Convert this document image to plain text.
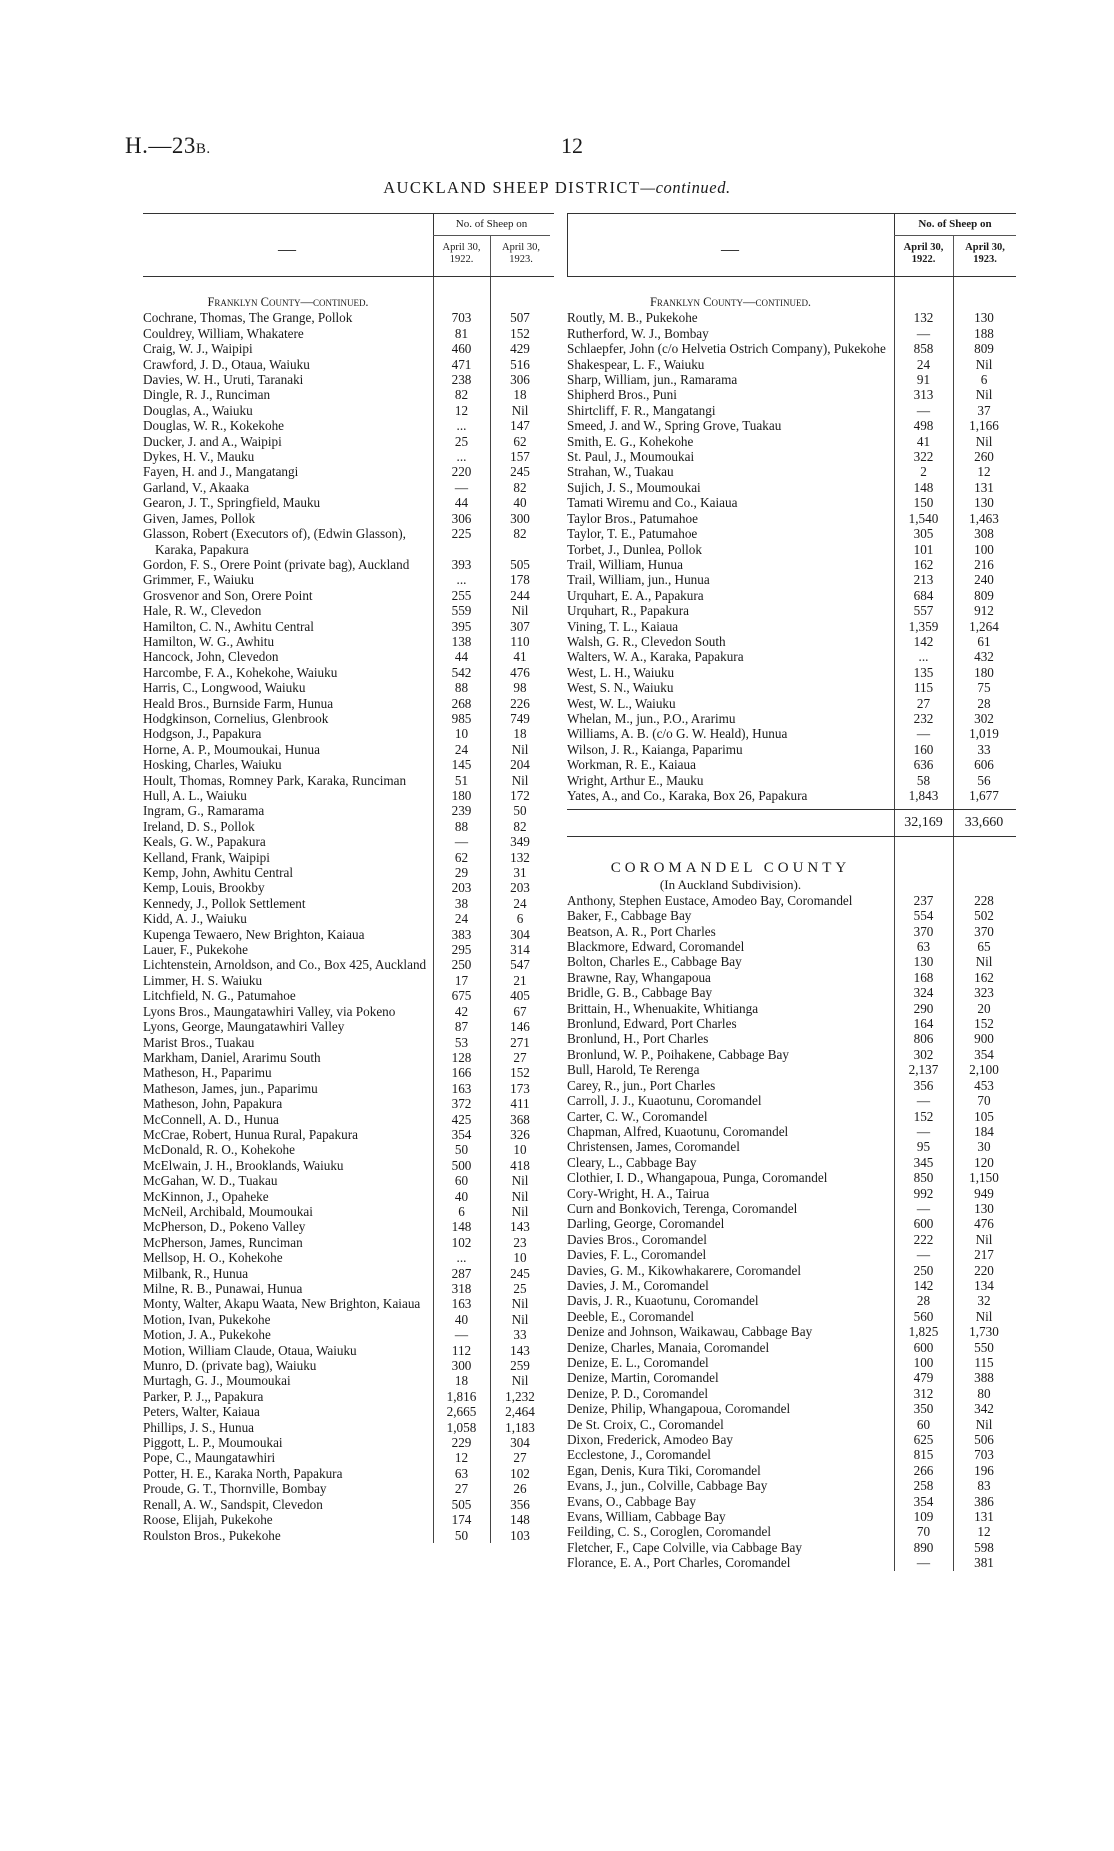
H.—23B.	12
AUCKLAND SHEEP DISTRICT—continued.
—
No. of Sheep on
April 30, 1922.
April 30, 1923.
Franklyn County—continued.
Cochrane, Thomas, The Grange, Pollok	703	507
Couldrey, William, Whakatere	81	152
Craig, W. J., Waipipi	460	429
Crawford, J. D., Otaua, Waiuku	471	516
Davies, W. H., Uruti, Taranaki	238	306
Dingle, R. J., Runciman	82	18
Douglas, A., Waiuku	12	Nil
Douglas, W. R., Kokekohe	...	147
Ducker, J. and A., Waipipi	25	62
Dykes, H. V., Mauku	...	157
Fayen, H. and J., Mangatangi	220	245
Garland, V., Akaaka	—	82
Gearon, J. T., Springfield, Mauku	44	40
Given, James, Pollok	306	300
Glasson, Robert (Executors of), (Edwin Glasson), Karaka, Papakura
225	82
Gordon, F. S., Orere Point (private bag), Auckland	393	505
Grimmer, F., Waiuku	...	178
Grosvenor and Son, Orere Point	255	244
Hale, R. W., Clevedon	559	Nil
Hamilton, C. N., Awhitu Central	395	307
Hamilton, W. G., Awhitu	138	110
Hancock, John, Clevedon	44	41
Harcombe, F. A., Kohekohe, Waiuku	542	476
Harris, C., Longwood, Waiuku	88	98
Heald Bros., Burnside Farm, Hunua	268	226
Hodgkinson, Cornelius, Glenbrook	985	749
Hodgson, J., Papakura	10	18
Horne, A. P., Moumoukai, Hunua	24	Nil
Hosking, Charles, Waiuku	145	204
Hoult, Thomas, Romney Park, Karaka, Runciman	51	Nil
Hull, A. L., Waiuku	180	172
Ingram, G., Ramarama	239	50
Ireland, D. S., Pollok	88	82
Keals, G. W., Papakura	—	349
Kelland, Frank, Waipipi	62	132
Kemp, John, Awhitu Central	29	31
Kemp, Louis, Brookby	203	203
Kennedy, J., Pollok Settlement	38	24
Kidd, A. J., Waiuku	24	6
Kupenga Tewaero, New Brighton, Kaiaua	383	304
Lauer, F., Pukekohe	295	314
Lichtenstein, Arnoldson, and Co., Box 425, Auckland	250	547
Limmer, H. S. Waiuku	17	21
Litchfield, N. G., Patumahoe	675	405
Lyons Bros., Maungatawhiri Valley, via Pokeno	42	67
Lyons, George, Maungatawhiri Valley	87	146
Marist Bros., Tuakau	53	271
Markham, Daniel, Ararimu South	128	27
Matheson, H., Paparimu	166	152
Matheson, James, jun., Paparimu	163	173
Matheson, John, Papakura	372	411
McConnell, A. D., Hunua	425	368
McCrae, Robert, Hunua Rural, Papakura	354	326
McDonald, R. O., Kohekohe	50	10
McElwain, J. H., Brooklands, Waiuku	500	418
McGahan, W. D., Tuakau	60	Nil
McKinnon, J., Opaheke	40	Nil
McNeil, Archibald, Moumoukai	6	Nil
McPherson, D., Pokeno Valley	148	143
McPherson, James, Runciman	102	23
Mellsop, H. O., Kohekohe	...	10
Milbank, R., Hunua	287	245
Milne, R. B., Punawai, Hunua	318	25
Monty, Walter, Akapu Waata, New Brighton, Kaiaua	163	Nil
Motion, Ivan, Pukekohe	40	Nil
Motion, J. A., Pukekohe	—	33
Motion, William Claude, Otaua, Waiuku	112	143
Munro, D. (private bag), Waiuku	300	259
Murtagh, G. J., Moumoukai	18	Nil
Parker, P. J.,, Papakura	1,816	1,232
Peters, Walter, Kaiaua	2,665	2,464
Phillips, J. S., Hunua	1,058	1,183
Piggott, L. P., Moumoukai	229	304
Pope, C., Maungatawhiri	12	27
Potter, H. E., Karaka North, Papakura	63	102
Proude, G. T., Thornville, Bombay	27	26
Renall, A. W., Sandspit, Clevedon	505	356
Roose, Elijah, Pukekohe	174	148
Roulston Bros., Pukekohe	50	103
—
No. of Sheep on
April 30, 1922.
April 30, 1923.
Franklyn County—continued.
Routly, M. B., Pukekohe	132	130
Rutherford, W. J., Bombay	—	188
Schlaepfer, John (c/o Helvetia Ostrich Company), Pukekohe	858	809
Shakespear, L. F., Waiuku	24	Nil
Sharp, William, jun., Ramarama	91	6
Shipherd Bros., Puni	313	Nil
Shirtcliff, F. R., Mangatangi	—	37
Smeed, J. and W., Spring Grove, Tuakau	498	1,166
Smith, E. G., Kohekohe	41	Nil
St. Paul, J., Moumoukai	322	260
Strahan, W., Tuakau	2	12
Sujich, J. S., Moumoukai	148	131
Tamati Wiremu and Co., Kaiaua	150	130
Taylor Bros., Patumahoe	1,540	1,463
Taylor, T. E., Patumahoe	305	308
Torbet, J., Dunlea, Pollok	101	100
Trail, William, Hunua	162	216
Trail, William, jun., Hunua	213	240
Urquhart, E. A., Papakura	684	809
Urquhart, R., Papakura	557	912
Vining, T. L., Kaiaua	1,359	1,264
Walsh, G. R., Clevedon South	142	61
Walters, W. A., Karaka, Papakura	...	432
West, L. H., Waiuku	135	180
West, S. N., Waiuku	115	75
West, W. L., Waiuku	27	28
Whelan, M., jun., P.O., Ararimu	232	302
Williams, A. B. (c/o G. W. Heald), Hunua	—	1,019
Wilson, J. R., Kaianga, Paparimu	160	33
Workman, R. E., Kaiaua	636	606
Wright, Arthur E., Mauku	58	56
Yates, A., and Co., Karaka, Box 26, Papakura	1,843	1,677
32,169	33,660
COROMANDEL COUNTY
(In Auckland Subdivision).
Anthony, Stephen Eustace, Amodeo Bay, Coromandel	237	228
Baker, F., Cabbage Bay	554	502
Beatson, A. R., Port Charles	370	370
Blackmore, Edward, Coromandel	63	65
Bolton, Charles E., Cabbage Bay	130	Nil
Brawne, Ray, Whangapoua	168	162
Bridle, G. B., Cabbage Bay	324	323
Brittain, H., Whenuakite, Whitianga	290	20
Bronlund, Edward, Port Charles	164	152
Bronlund, H., Port Charles	806	900
Bronlund, W. P., Poihakene, Cabbage Bay	302	354
Bull, Harold, Te Rerenga	2,137	2,100
Carey, R., jun., Port Charles	356	453
Carroll, J. J., Kuaotunu, Coromandel	—	70
Carter, C. W., Coromandel	152	105
Chapman, Alfred, Kuaotunu, Coromandel	—	184
Christensen, James, Coromandel	95	30
Cleary, L., Cabbage Bay	345	120
Clothier, I. D., Whangapoua, Punga, Coromandel	850	1,150
Cory-Wright, H. A., Tairua	992	949
Curn and Bonkovich, Terenga, Coromandel	—	130
Darling, George, Coromandel	600	476
Davies Bros., Coromandel	222	Nil
Davies, F. L., Coromandel	—	217
Davies, G. M., Kikowhakarere, Coromandel	250	220
Davies, J. M., Coromandel	142	134
Davis, J. R., Kuaotunu, Coromandel	28	32
Deeble, E., Coromandel	560	Nil
Denize and Johnson, Waikawau, Cabbage Bay	1,825	1,730
Denize, Charles, Manaia, Coromandel	600	550
Denize, E. L., Coromandel	100	115
Denize, Martin, Coromandel	479	388
Denize, P. D., Coromandel	312	80
Denize, Philip, Whangapoua, Coromandel	350	342
De St. Croix, C., Coromandel	60	Nil
Dixon, Frederick, Amodeo Bay	625	506
Ecclestone, J., Coromandel	815	703
Egan, Denis, Kura Tiki, Coromandel	266	196
Evans, J., jun., Colville, Cabbage Bay	258	83
Evans, O., Cabbage Bay	354	386
Evans, William, Cabbage Bay	109	131
Feilding, C. S., Coroglen, Coromandel	70	12
Fletcher, F., Cape Colville, via Cabbage Bay	890	598
Florance, E. A., Port Charles, Coromandel	—	381
